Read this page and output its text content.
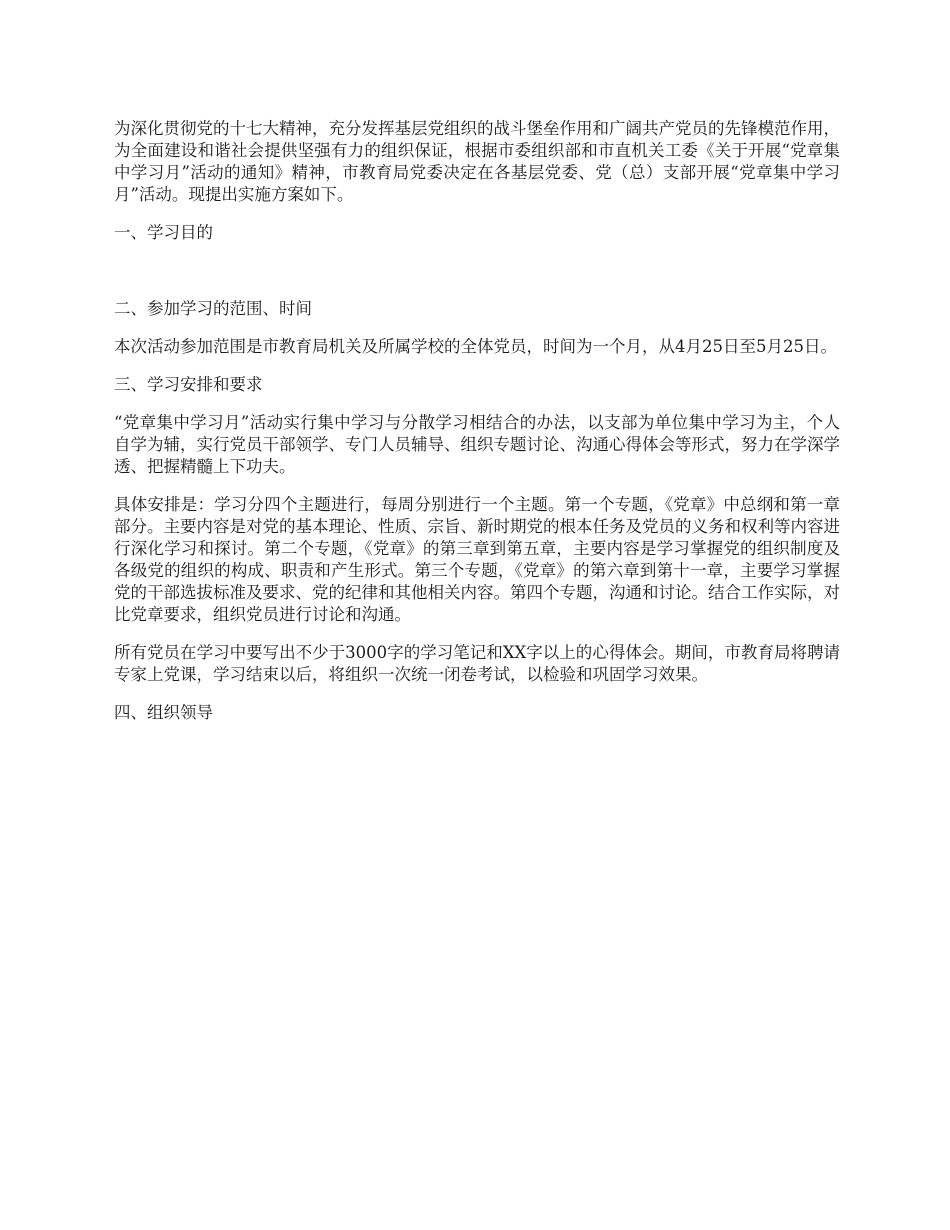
为深化贯彻党的十七大精神，充分发挥基层党组织的战斗堡垒作用和广阔共产党员的先锋模范作用，为全面建设和谐社会提供坚强有力的组织保证，根据市委组织部和市直机关工委《关于开展“党章集中学习月”活动的通知》精神，市教育局党委决定在各基层党委、党（总）支部开展“党章集中学习月”活动。现提出实施方案如下。

一、学习目的

二、参加学习的范围、时间

本次活动参加范围是市教育局机关及所属学校的全体党员，时间为一个月，从4月25日至5月25日。

三、学习安排和要求

“党章集中学习月”活动实行集中学习与分散学习相结合的办法，以支部为单位集中学习为主，个人自学为辅，实行党员干部领学、专门人员辅导、组织专题讨论、沟通心得体会等形式，努力在学深学透、把握精髓上下功夫。

具体安排是：学习分四个主题进行，每周分别进行一个主题。第一个专题，《党章》中总纲和第一章部分。主要内容是对党的基本理论、性质、宗旨、新时期党的根本任务及党员的义务和权利等内容进行深化学习和探讨。第二个专题，《党章》的第三章到第五章，主要内容是学习掌握党的组织制度及各级党的组织的构成、职责和产生形式。第三个专题，《党章》的第六章到第十一章，主要学习掌握党的干部选拔标准及要求、党的纪律和其他相关内容。第四个专题，沟通和讨论。结合工作实际，对比党章要求，组织党员进行讨论和沟通。

所有党员在学习中要写出不少于3000字的学习笔记和XX字以上的心得体会。期间，市教育局将聘请专家上党课，学习结束以后，将组织一次统一闭卷考试，以检验和巩固学习效果。

四、组织领导
